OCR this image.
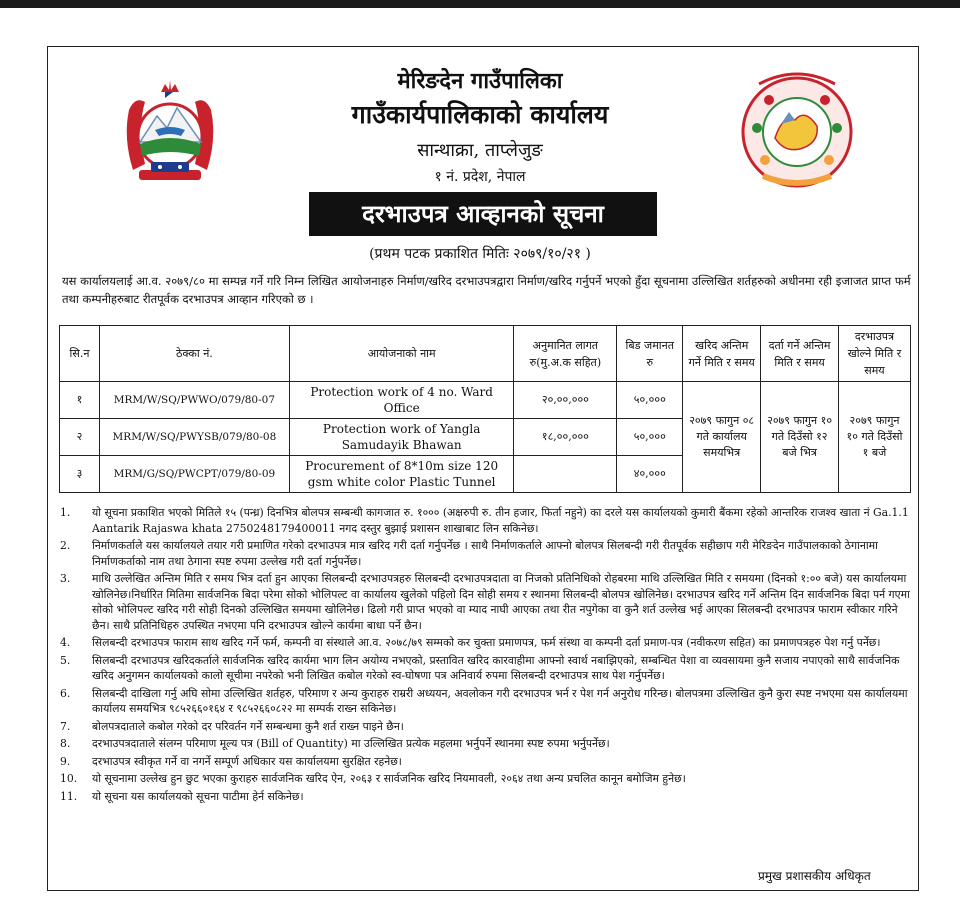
मेरिङदेन गाउँपालिका
गाउँकार्यपालिकाको कार्यालय
सान्थाक्रा, ताप्लेजुङ
१ नं. प्रदेश, नेपाल
दरभाउपत्र आव्हानको सूचना
(प्रथम पटक प्रकाशित मितिः २०७९/१०/२१ )
यस कार्यालयलाई आ.व. २०७९/८० मा सम्पन्न गर्ने गरि निम्न लिखित आयोजनाहरु निर्माण/खरिद दरभाउपत्रद्वारा निर्माण/खरिद गर्नुपर्ने भएको हुँदा सूचनामा उल्लिखित शर्तहरुको अधीनमा रही इजाजत प्राप्त फर्म तथा कम्पनीहरुबाट रीतपूर्वक दरभाउपत्र आव्हान गरिएको छ ।
सि.न	ठेक्का नं.	आयोजनाको नाम	अनुमानित लागत रु(मु.अ.क सहित)	बिड जमानत रु	खरिद अन्तिम गर्ने मिति र समय	दर्ता गर्ने अन्तिम मिति र समय	दरभाउपत्र खोल्ने मिति र समय
१	MRM/W/SQ/PWWO/079/80-07	Protection work of 4 no. Ward Office	२०,००,०००	५०,०००	२०७९ फागुन ०८ गते कार्यालय समयभित्र	२०७९ फागुन १० गते दिउँसो १२ बजे भित्र	२०७९ फागुन १० गते दिउँसो १ बजे
२	MRM/W/SQ/PWYSB/079/80-08	Protection work of Yangla Samudayik Bhawan	१८,००,०००	५०,०००			
३	MRM/G/SQ/PWCPT/079/80-09	Procurement of 8*10m size 120 gsm white color Plastic Tunnel		४०,०००			
1.	यो सूचना प्रकाशित भएको मितिले १५ (पन्ध्र) दिनभित्र बोलपत्र सम्बन्धी कागजात रु. १००० (अक्षरुपी रु. तीन हजार, फिर्ता नहुने) का दरले यस कार्यालयको कुमारी बैंकमा रहेको आन्तरिक राजश्व खाता नं Ga.1.1 Aantarik Rajaswa khata 2750248179400011 नगद दस्तुर बुझाई प्रशासन शाखाबाट लिन सकिनेछ।
2.	निर्माणकर्ताले यस कार्यालयले तयार गरी प्रमाणित गरेको दरभाउपत्र मात्र खरिद गरी दर्ता गर्नुपर्नेछ । साथै निर्माणकर्ताले आफ्नो बोलपत्र सिलबन्दी गरी रीतपूर्वक सहीछाप गरी मेरिङदेन गाउँपालकाको ठेगानामा निर्माणकर्ताको नाम तथा ठेगाना स्पष्ट रुपमा उल्लेख गरी दर्ता गर्नुपर्नेछ।
3.	माथि उल्लेखित अन्तिम मिति र समय भित्र दर्ता हुन आएका सिलबन्दी दरभाउपत्रहरु सिलबन्दी दरभाउपत्रदाता वा निजको प्रतिनिधिको रोहबरमा माथि उल्लिखित मिति र समयमा (दिनको १:०० बजे) यस कार्यालयमा खोलिनेछ।निर्धारित मितिमा सार्वजनिक बिदा परेमा सोको भोलिपल्ट वा कार्यालय खुलेको पहिलो दिन सोही समय र स्थानमा सिलबन्दी बोलपत्र खोलिनेछ। दरभाउपत्र खरिद गर्ने अन्तिम दिन सार्वजनिक बिदा पर्न गएमा सोको भोलिपल्ट खरिद गरी सोही दिनको उल्लिखित समयमा खोलिनेछ। ढिलो गरी प्राप्त भएको वा म्याद नाघी आएका तथा रीत नपुगेका वा कुनै शर्त उल्लेख भई आएका सिलबन्दी दरभाउपत्र फाराम स्वीकार गरिने छैन। साथै प्रतिनिधिहरु उपस्थित नभएमा पनि दरभाउपत्र खोल्ने कार्यमा बाधा पर्ने छैन।
4.	सिलबन्दी दरभाउपत्र फाराम साथ खरिद गर्ने फर्म, कम्पनी वा संस्थाले आ.व. २०७८/७९ सम्मको कर चुक्ता प्रमाणपत्र, फर्म संस्था वा कम्पनी दर्ता प्रमाण-पत्र (नवीकरण सहित) का प्रमाणपत्रहरु पेश गर्नु पर्नेछ।
5.	सिलबन्दी दरभाउपत्र खरिदकर्ताले सार्वजनिक खरिद कार्यमा भाग लिन अयोग्य नभएको, प्रस्तावित खरिद कारवाहीमा आफ्नो स्वार्थ नबाझिएको, सम्बन्धित पेशा वा व्यवसायमा कुनै सजाय नपाएको साथै सार्वजनिक खरिद अनुगमन कार्यालयको कालो सूचीमा नपरेको भनी लिखित कबोल गरेको स्व-घोषणा पत्र अनिवार्य रुपमा सिलबन्दी दरभाउपत्र साथ पेश गर्नुपर्नेछ।
6.	सिलबन्दी दाखिला गर्नु अघि सोमा उल्लिखित शर्तहरु, परिमाण र अन्य कुराहरु राम्ररी अध्ययन, अवलोकन गरी दरभाउपत्र भर्न र पेश गर्न अनुरोध गरिन्छ। बोलपत्रमा उल्लिखित कुनै कुरा स्पष्ट नभएमा यस कार्यालयमा कार्यालय समयभित्र ९८५२६६०१६४ र ९८५२६६०८२२ मा सम्पर्क राख्न सकिनेछ।
7.	बोलपत्रदाताले कबोल गरेको दर परिवर्तन गर्ने सम्बन्धमा कुनै शर्त राख्न पाइने छैन।
8.	दरभाउपत्रदाताले संलग्न परिमाण मूल्य पत्र (Bill of Quantity) मा उल्लिखित प्रत्येक महलमा भर्नुपर्ने स्थानमा स्पष्ट रुपमा भर्नुपर्नेछ।
9.	दरभाउपत्र स्वीकृत गर्ने वा नगर्ने सम्पूर्ण अधिकार यस कार्यालयमा सुरक्षित रहनेछ।
10.	यो सूचनामा उल्लेख हुन छुट भएका कुराहरु सार्वजनिक खरिद ऐन, २०६३ र सार्वजनिक खरिद नियमावली, २०६४ तथा अन्य प्रचलित कानून बमोजिम हुनेछ।
11.	यो सूचना यस कार्यालयको सूचना पाटीमा हेर्न सकिनेछ।
प्रमुख प्रशासकीय अधिकृत
